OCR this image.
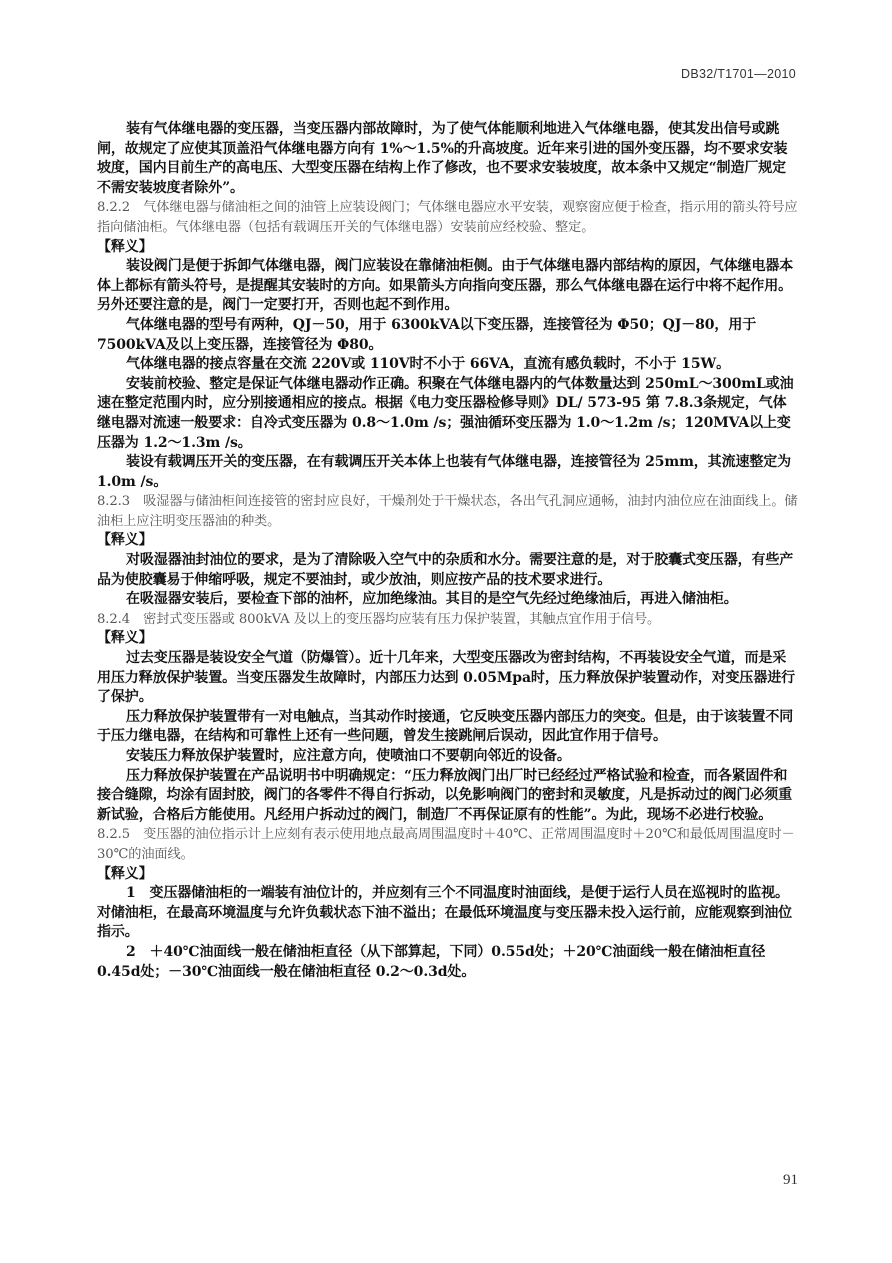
DB32/T1701—2010

装有气体继电器的变压器，当变压器内部故障时，为了使气体能顺利地进入气体继电器，使其发出信号或跳闸，故规定了应使其顶盖沿气体继电器方向有 1%～1.5%的升高坡度。近年来引进的国外变压器，均不要求安装坡度，国内目前生产的高电压、大型变压器在结构上作了修改，也不要求安装坡度，故本条中又规定“制造厂规定不需安装坡度者除外”。

8.2.2　气体继电器与储油柜之间的油管上应装设阀门；气体继电器应水平安装，观察窗应便于检查，指示用的箭头符号应指向储油柜。气体继电器（包括有载调压开关的气体继电器）安装前应经校验、整定。

【释义】

装设阀门是便于拆卸气体继电器，阀门应装设在靠储油柜侧。由于气体继电器内部结构的原因，气体继电器本体上都标有箭头符号，是提醒其安装时的方向。如果箭头方向指向变压器，那么气体继电器在运行中将不起作用。另外还要注意的是，阀门一定要打开，否则也起不到作用。

气体继电器的型号有两种，QJ－50，用于 6300kVA以下变压器，连接管径为 Φ50；QJ－80，用于 7500kVA及以上变压器，连接管径为 Φ80。

气体继电器的接点容量在交流 220V或 110V时不小于 66VA，直流有感负载时，不小于 15W。

安装前校验、整定是保证气体继电器动作正确。积聚在气体继电器内的气体数量达到 250mL～300mL或油速在整定范围内时，应分别接通相应的接点。根据《电力变压器检修导则》DL/ 573-95 第 7.8.3条规定，气体继电器对流速一般要求：自冷式变压器为 0.8～1.0m /s；强油循环变压器为 1.0～1.2m /s；120MVA以上变压器为 1.2～1.3m /s。

装设有载调压开关的变压器，在有载调压开关本体上也装有气体继电器，连接管径为 25mm，其流速整定为 1.0m /s。

8.2.3　吸湿器与储油柜间连接管的密封应良好，干燥剂处于干燥状态，各出气孔洞应通畅，油封内油位应在油面线上。储油柜上应注明变压器油的种类。

【释义】

对吸湿器油封油位的要求，是为了清除吸入空气中的杂质和水分。需要注意的是，对于胶囊式变压器，有些产品为使胶囊易于伸缩呼吸，规定不要油封，或少放油，则应按产品的技术要求进行。

在吸湿器安装后，要检查下部的油杯，应加绝缘油。其目的是空气先经过绝缘油后，再进入储油柜。

8.2.4　密封式变压器或 800kVA 及以上的变压器均应装有压力保护装置，其触点宜作用于信号。

【释义】

过去变压器是装设安全气道（防爆管）。近十几年来，大型变压器改为密封结构，不再装设安全气道，而是采用压力释放保护装置。当变压器发生故障时，内部压力达到 0.05Mpa时，压力释放保护装置动作，对变压器进行了保护。

压力释放保护装置带有一对电触点，当其动作时接通，它反映变压器内部压力的突变。但是，由于该装置不同于压力继电器，在结构和可靠性上还有一些问题，曾发生接跳闸后误动，因此宜作用于信号。

安装压力释放保护装置时，应注意方向，使喷油口不要朝向邻近的设备。

压力释放保护装置在产品说明书中明确规定：“压力释放阀门出厂时已经经过严格试验和检查，而各紧固件和接合缝隙，均涂有固封胶，阀门的各零件不得自行拆动，以免影响阀门的密封和灵敏度，凡是拆动过的阀门必须重新试验，合格后方能使用。凡经用户拆动过的阀门，制造厂不再保证原有的性能”。为此，现场不必进行校验。

8.2.5　变压器的油位指示计上应刻有表示使用地点最高周围温度时＋40℃、正常周围温度时＋20℃和最低周围温度时－30℃的油面线。

【释义】

1　变压器储油柜的一端装有油位计的，并应刻有三个不同温度时油面线，是便于运行人员在巡视时的监视。对储油柜，在最高环境温度与允许负载状态下油不溢出；在最低环境温度与变压器未投入运行前，应能观察到油位指示。

2　＋40℃油面线一般在储油柜直径（从下部算起，下同）0.55d处；＋20℃油面线一般在储油柜直径 0.45d处；－30℃油面线一般在储油柜直径 0.2～0.3d处。

91
